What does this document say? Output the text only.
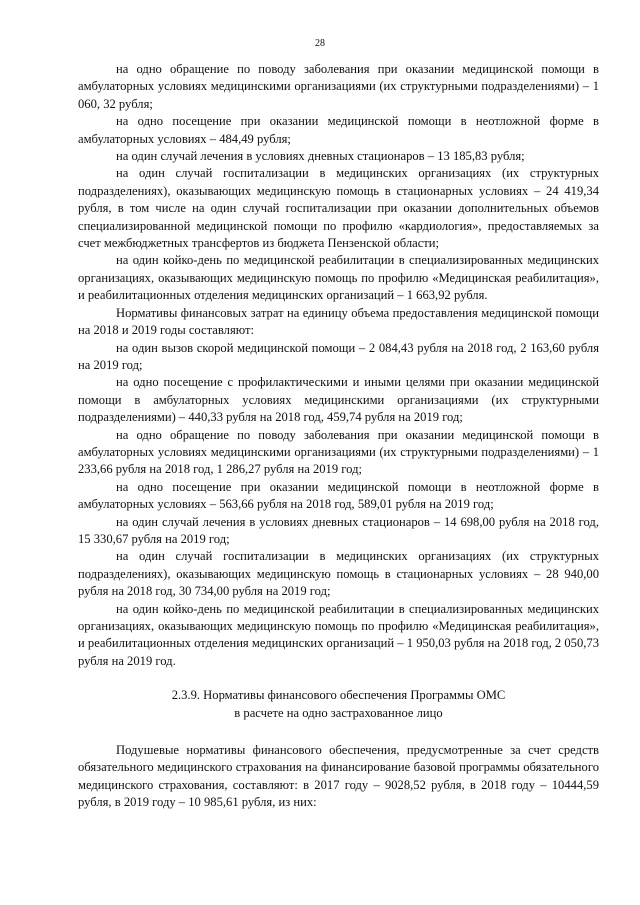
28

на одно обращение по поводу заболевания при оказании медицинской помощи в амбулаторных условиях медицинскими организациями (их структурными подразделениями) – 1 060, 32 рубля;

на одно посещение при оказании медицинской помощи в неотложной форме в амбулаторных условиях – 484,49 рубля;

на один случай лечения в условиях дневных стационаров – 13 185,83 рубля;

на один случай госпитализации в медицинских организациях (их структурных подразделениях), оказывающих медицинскую помощь в стационарных условиях – 24 419,34 рубля, в том числе на один случай госпитализации при оказании дополнительных объемов специализированной медицинской помощи по профилю «кардиология», предоставляемых за счет межбюджетных трансфертов из бюджета Пензенской области;

на один койко-день по медицинской реабилитации в специализированных медицинских организациях, оказывающих медицинскую помощь по профилю «Медицинская реабилитация», и реабилитационных отделения медицинских организаций – 1 663,92 рубля.

Нормативы финансовых затрат на единицу объема предоставления медицинской помощи на 2018 и 2019 годы составляют:

на один вызов скорой медицинской помощи – 2 084,43 рубля на 2018 год, 2 163,60 рубля на 2019 год;

на одно посещение с профилактическими и иными целями при оказании медицинской помощи в амбулаторных условиях медицинскими организациями (их структурными подразделениями) – 440,33 рубля на 2018 год, 459,74 рубля на 2019 год;

на одно обращение по поводу заболевания при оказании медицинской помощи в амбулаторных условиях медицинскими организациями (их структурными подразделениями) – 1 233,66 рубля на 2018 год, 1 286,27 рубля на 2019 год;

на одно посещение при оказании медицинской помощи в неотложной форме в амбулаторных условиях – 563,66 рубля на 2018 год, 589,01 рубля на 2019 год;

на один случай лечения в условиях дневных стационаров – 14 698,00 рубля на 2018 год, 15 330,67 рубля на 2019 год;

на один случай госпитализации в медицинских организациях (их структурных подразделениях), оказывающих медицинскую помощь в стационарных условиях – 28 940,00 рубля на 2018 год, 30 734,00 рубля на 2019 год;

на один койко-день по медицинской реабилитации в специализированных медицинских организациях, оказывающих медицинскую помощь по профилю «Медицинская реабилитация», и реабилитационных отделения медицинских организаций – 1 950,03 рубля на 2018 год, 2 050,73 рубля на 2019 год.

2.3.9. Нормативы финансового обеспечения Программы ОМС
в расчете на одно застрахованное лицо

Подушевые нормативы финансового обеспечения, предусмотренные за счет средств обязательного медицинского страхования на финансирование базовой программы обязательного медицинского страхования, составляют: в 2017 году – 9028,52 рубля, в 2018 году – 10444,59 рубля, в 2019 году – 10 985,61 рубля, из них:
